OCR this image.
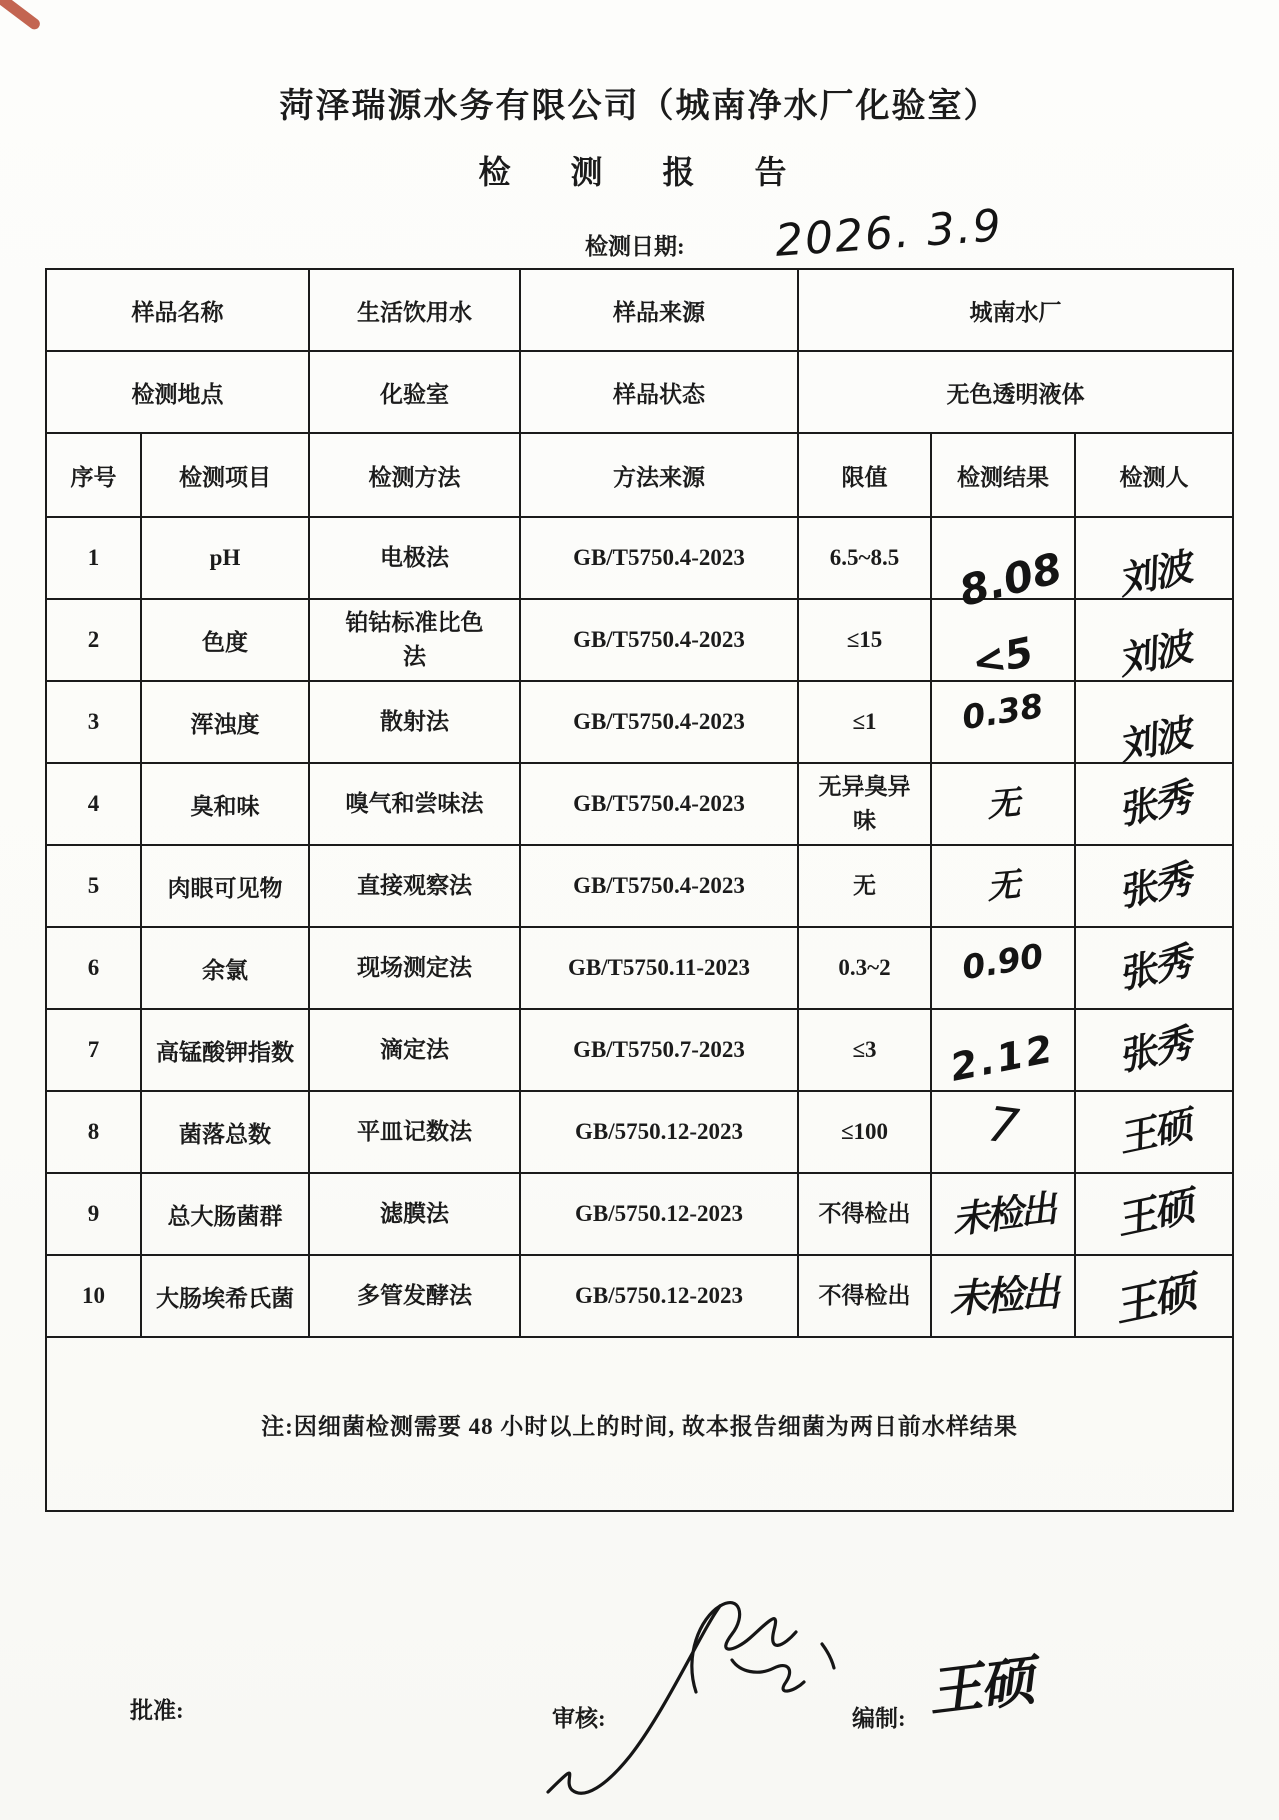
菏泽瑞源水务有限公司（城南净水厂化验室）
检　测　报　告
检测日期: 2026. 3.9
样品名称		生活饮用水	样品来源	城南水厂		
检测地点		化验室	样品状态	无色透明液体		
序号	检测项目	检测方法	方法来源	限值	检测结果	检测人
1	pH	电极法	GB/T5750.4-2023	6.5~8.5	8.08	刘波
2	色度	铂钴标准比色法	GB/T5750.4-2023	≤15	<5	刘波
3	浑浊度	散射法	GB/T5750.4-2023	≤1	0.38	刘波
4	臭和味	嗅气和尝味法	GB/T5750.4-2023	无异臭异味	无	张秀
5	肉眼可见物	直接观察法	GB/T5750.4-2023	无	无	张秀
6	余氯	现场测定法	GB/T5750.11-2023	0.3~2	0.90	张秀
7	高锰酸钾指数	滴定法	GB/T5750.7-2023	≤3	2.12	张秀
8	菌落总数	平皿记数法	GB/5750.12-2023	≤100	7	王硕
9	总大肠菌群	滤膜法	GB/5750.12-2023	不得检出	未检出	王硕
10	大肠埃希氏菌	多管发酵法	GB/5750.12-2023	不得检出	未检出	王硕
注:因细菌检测需要 48 小时以上的时间, 故本报告细菌为两日前水样结果						
批准:	审核:	编制: 王硕
